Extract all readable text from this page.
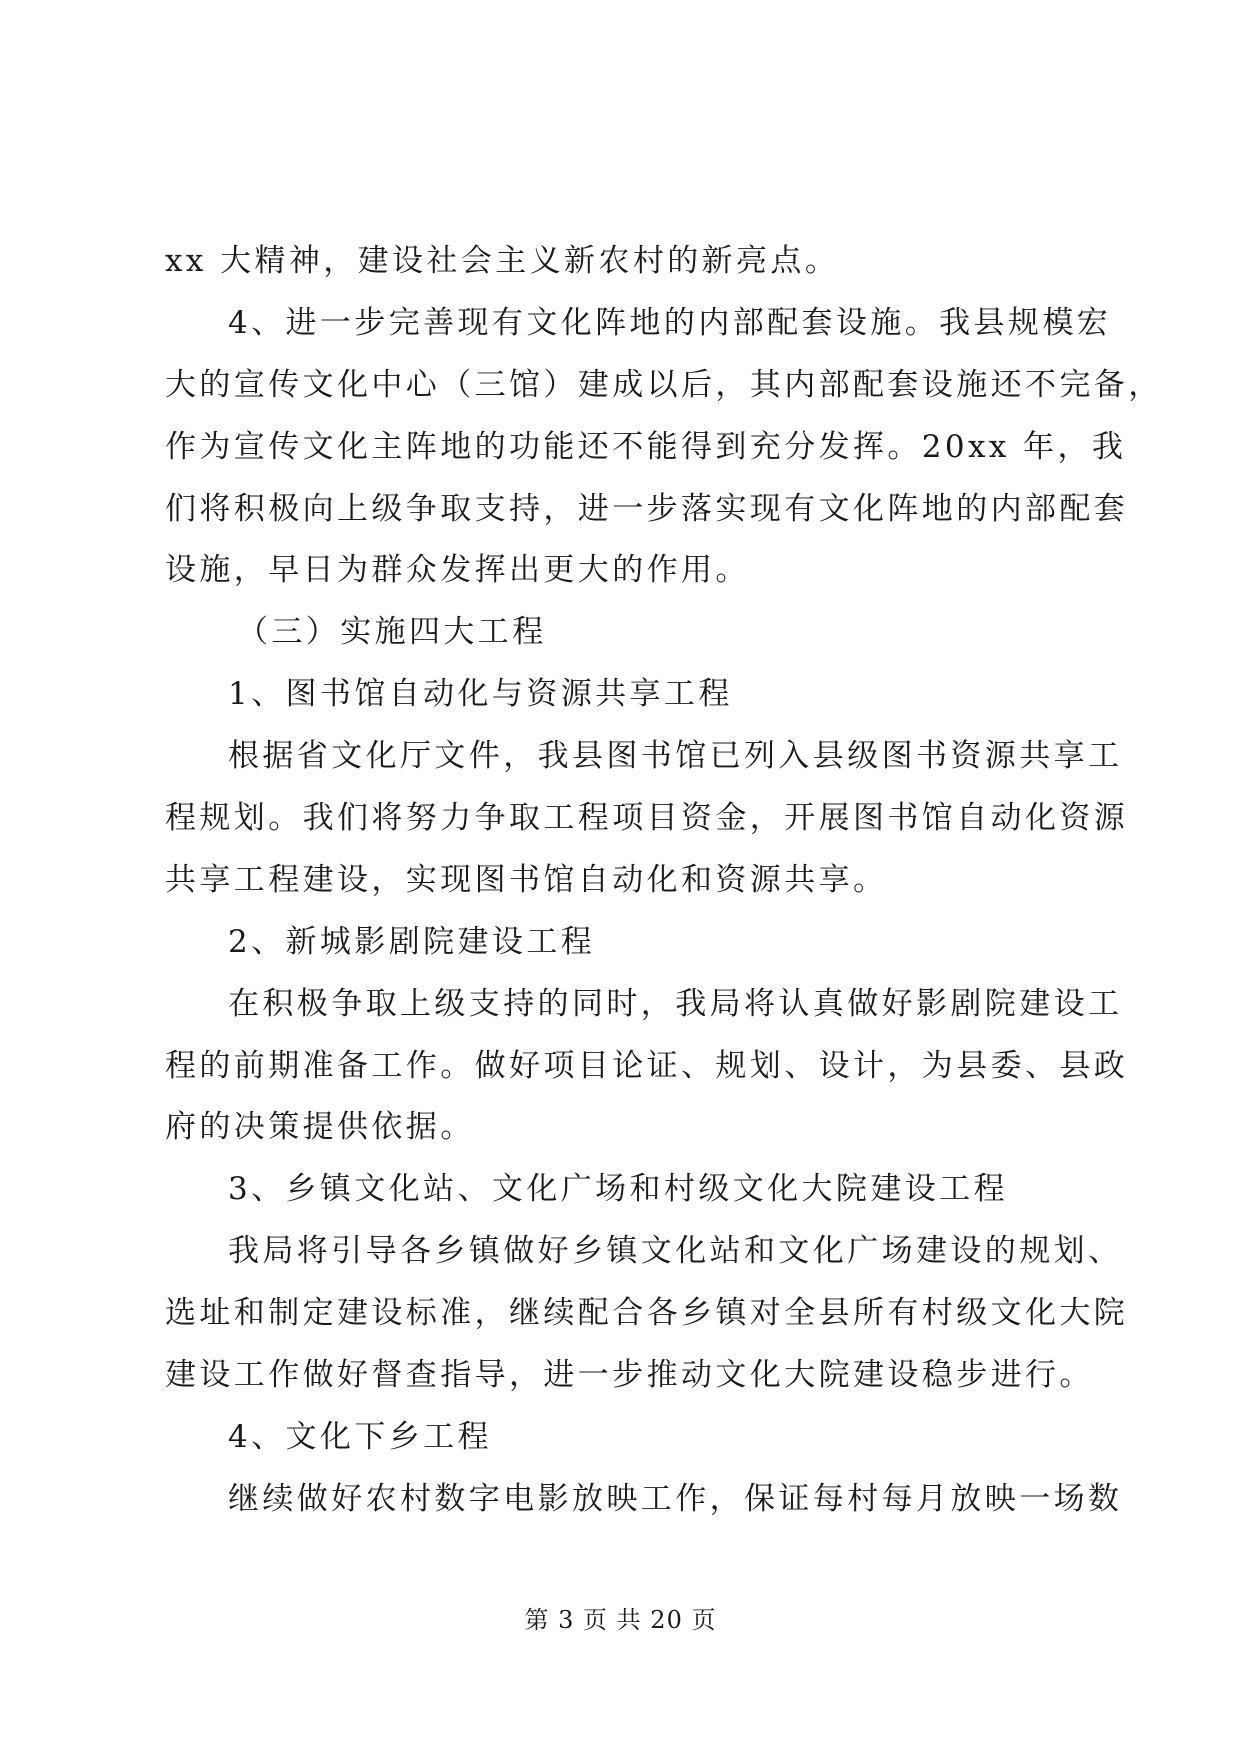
xx 大精神，建设社会主义新农村的新亮点。

4、进一步完善现有文化阵地的内部配套设施。我县规模宏

大的宣传文化中心（三馆）建成以后，其内部配套设施还不完备，

作为宣传文化主阵地的功能还不能得到充分发挥。20xx 年，我

们将积极向上级争取支持，进一步落实现有文化阵地的内部配套

设施，早日为群众发挥出更大的作用。

（三）实施四大工程

1、图书馆自动化与资源共享工程

根据省文化厅文件，我县图书馆已列入县级图书资源共享工

程规划。我们将努力争取工程项目资金，开展图书馆自动化资源

共享工程建设，实现图书馆自动化和资源共享。

2、新城影剧院建设工程

在积极争取上级支持的同时，我局将认真做好影剧院建设工

程的前期准备工作。做好项目论证、规划、设计，为县委、县政

府的决策提供依据。

3、乡镇文化站、文化广场和村级文化大院建设工程

我局将引导各乡镇做好乡镇文化站和文化广场建设的规划、

选址和制定建设标准，继续配合各乡镇对全县所有村级文化大院

建设工作做好督查指导，进一步推动文化大院建设稳步进行。

4、文化下乡工程

继续做好农村数字电影放映工作，保证每村每月放映一场数

第 3 页 共 20 页
